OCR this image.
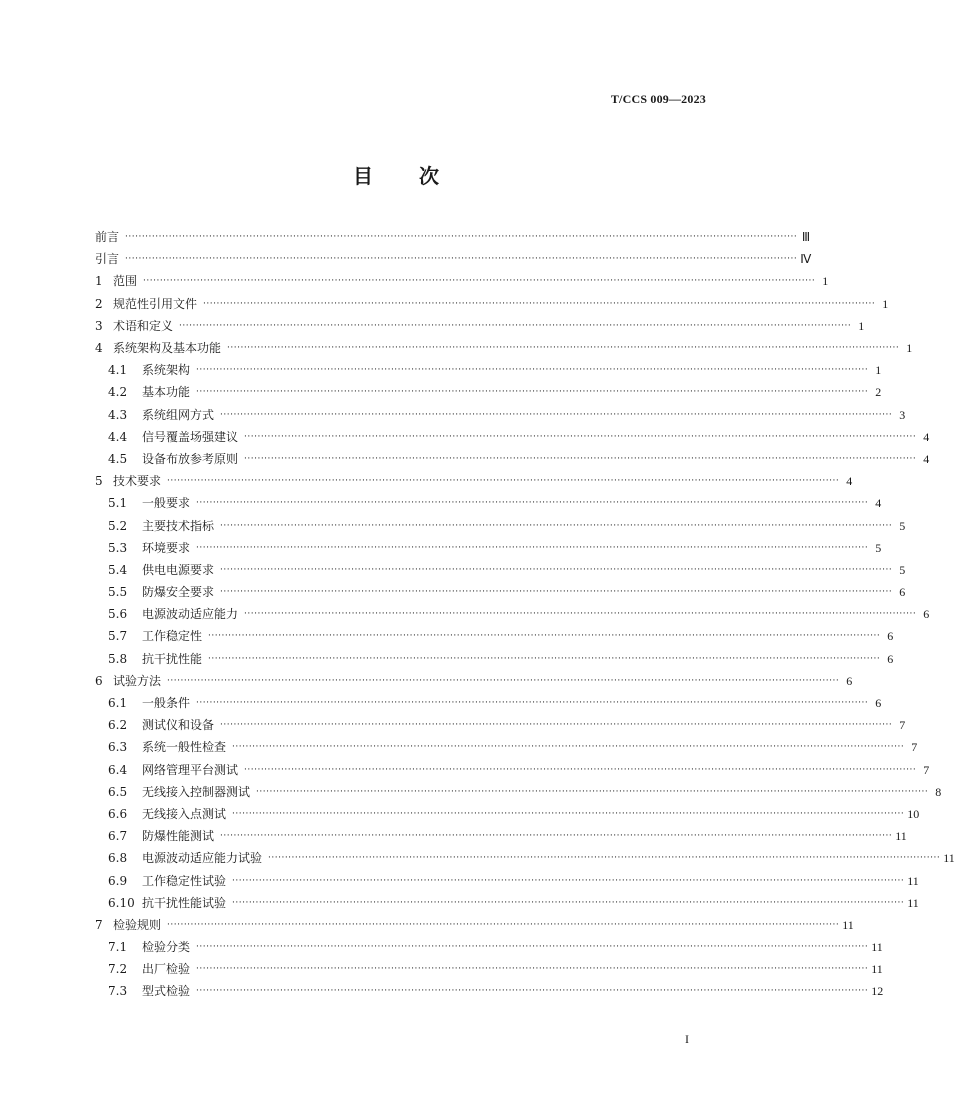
T/CCS 009—2023
目 次
前言 ········································································································································································································ Ⅲ
引言 ········································································································································································································ Ⅳ
1 范围 ········································································································································································································ 1
2 规范性引用文件 ········································································································································································································ 1
3 术语和定义 ········································································································································································································ 1
4 系统架构及基本功能 ········································································································································································································ 1
4.1	系统架构 ········································································································································································································ 1
4.2	基本功能 ········································································································································································································ 2
4.3	系统组网方式 ········································································································································································································ 3
4.4	信号覆盖场强建议 ········································································································································································································ 4
4.5	设备布放参考原则 ········································································································································································································ 4
5 技术要求 ········································································································································································································ 4
5.1	一般要求 ········································································································································································································ 4
5.2	主要技术指标 ········································································································································································································ 5
5.3	环境要求 ········································································································································································································ 5
5.4	供电电源要求 ········································································································································································································ 5
5.5	防爆安全要求 ········································································································································································································ 6
5.6	电源波动适应能力 ········································································································································································································ 6
5.7	工作稳定性 ········································································································································································································ 6
5.8	抗干扰性能 ········································································································································································································ 6
6 试验方法 ········································································································································································································ 6
6.1	一般条件 ········································································································································································································ 6
6.2	测试仪和设备 ········································································································································································································ 7
6.3	系统一般性检查 ········································································································································································································ 7
6.4	网络管理平台测试 ········································································································································································································ 7
6.5	无线接入控制器测试 ········································································································································································································ 8
6.6	无线接入点测试 ········································································································································································································ 10
6.7	防爆性能测试 ········································································································································································································ 11
6.8	电源波动适应能力试验 ········································································································································································································ 11
6.9	工作稳定性试验 ········································································································································································································ 11
6.10 抗干扰性能试验 ········································································································································································································ 11
7 检验规则 ········································································································································································································ 11
7.1	检验分类 ········································································································································································································ 11
7.2	出厂检验 ········································································································································································································ 11
7.3	型式检验 ········································································································································································································ 12
I
